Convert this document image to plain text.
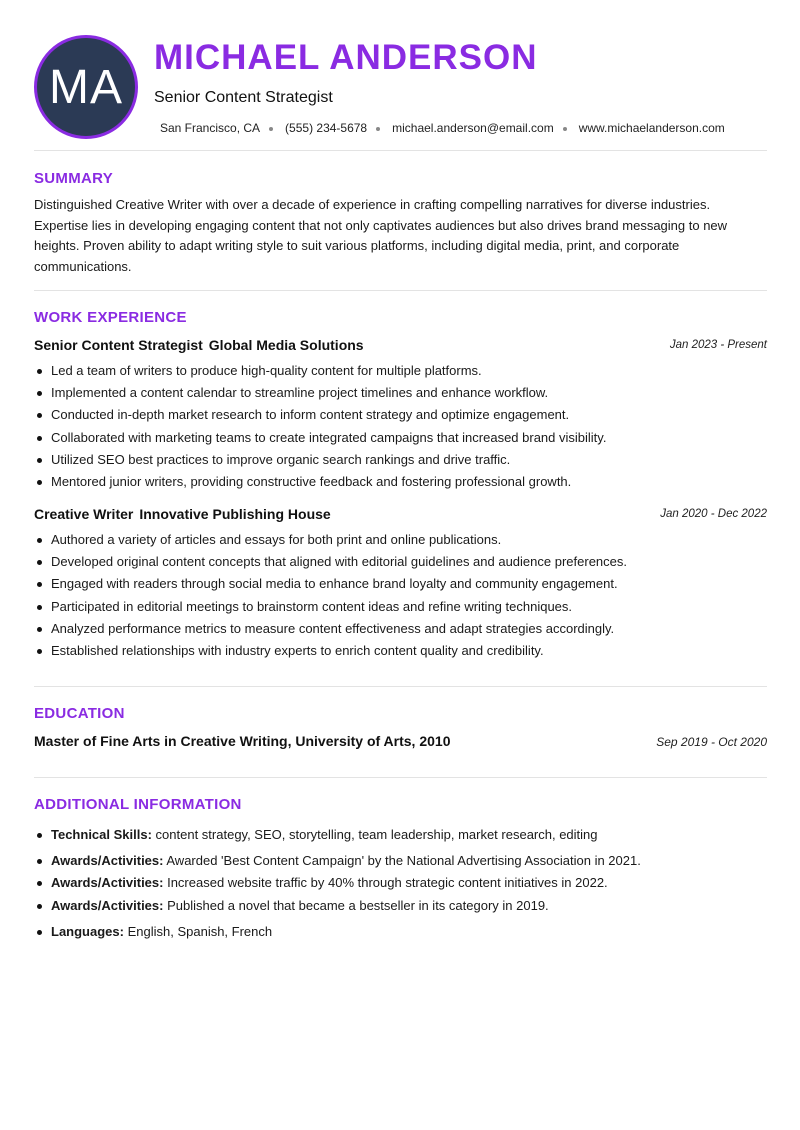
MA
MICHAEL ANDERSON
Senior Content Strategist
San Francisco, CA (555) 234-5678 michael.anderson@email.com www.michaelanderson.com
SUMMARY
Distinguished Creative Writer with over a decade of experience in crafting compelling narratives for diverse industries. Expertise lies in developing engaging content that not only captivates audiences but also drives brand messaging to new heights. Proven ability to adapt writing style to suit various platforms, including digital media, print, and corporate communications.
WORK EXPERIENCE
Senior Content Strategist Global Media Solutions	Jan 2023 - Present
Led a team of writers to produce high-quality content for multiple platforms.
Implemented a content calendar to streamline project timelines and enhance workflow.
Conducted in-depth market research to inform content strategy and optimize engagement.
Collaborated with marketing teams to create integrated campaigns that increased brand visibility.
Utilized SEO best practices to improve organic search rankings and drive traffic.
Mentored junior writers, providing constructive feedback and fostering professional growth.
Creative Writer Innovative Publishing House	Jan 2020 - Dec 2022
Authored a variety of articles and essays for both print and online publications.
Developed original content concepts that aligned with editorial guidelines and audience preferences.
Engaged with readers through social media to enhance brand loyalty and community engagement.
Participated in editorial meetings to brainstorm content ideas and refine writing techniques.
Analyzed performance metrics to measure content effectiveness and adapt strategies accordingly.
Established relationships with industry experts to enrich content quality and credibility.
EDUCATION
Master of Fine Arts in Creative Writing, University of Arts, 2010	Sep 2019 - Oct 2020
ADDITIONAL INFORMATION
Technical Skills: content strategy, SEO, storytelling, team leadership, market research, editing
Awards/Activities: Awarded 'Best Content Campaign' by the National Advertising Association in 2021.
Awards/Activities: Increased website traffic by 40% through strategic content initiatives in 2022.
Awards/Activities: Published a novel that became a bestseller in its category in 2019.
Languages: English, Spanish, French
